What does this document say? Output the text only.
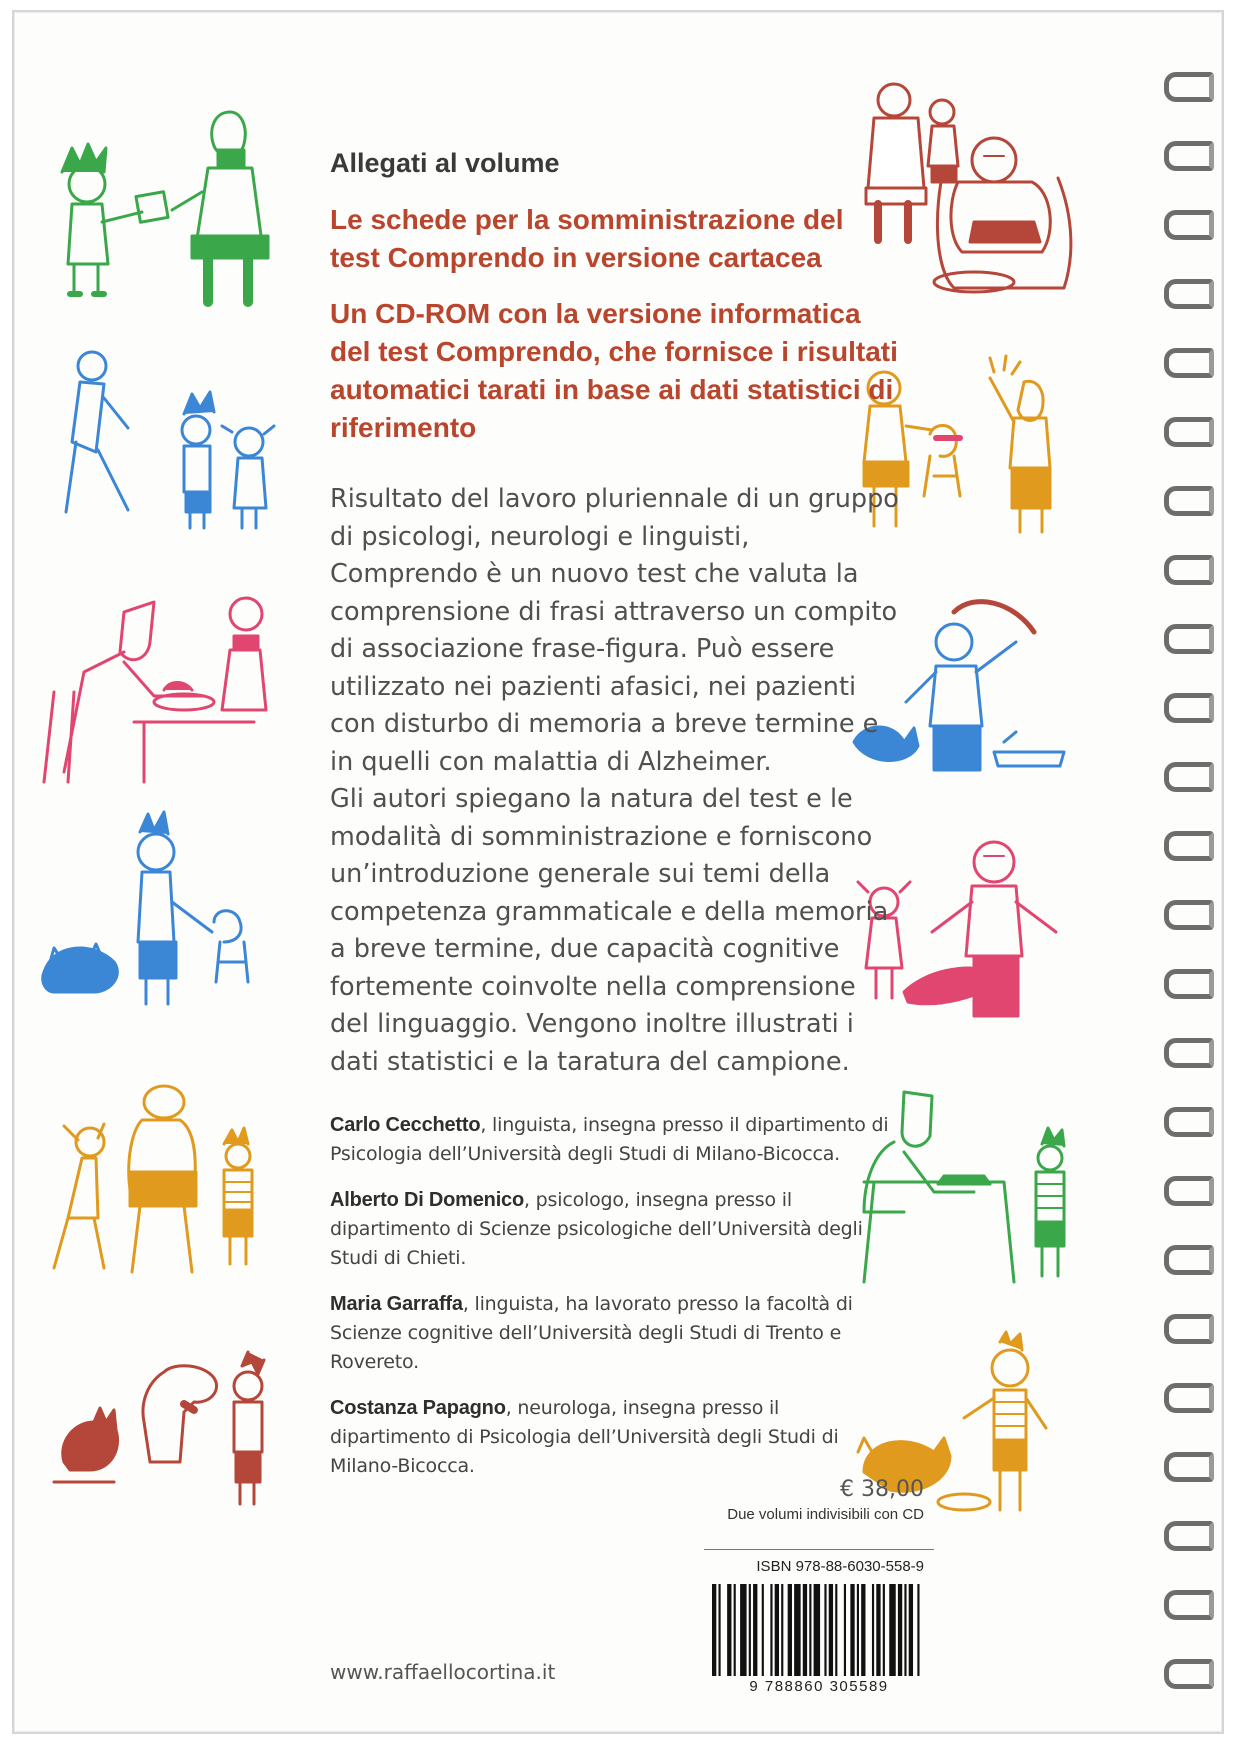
Allegati al volume
Le schede per la somministrazione del test Comprendo in versione cartacea
Un CD-ROM con la versione informatica del test Comprendo, che fornisce i risultati automatici tarati in base ai dati statistici di riferimento

Risultato del lavoro pluriennale di un gruppo di psicologi, neurologi e linguisti, Comprendo è un nuovo test che valuta la comprensione di frasi attraverso un compito di associazione frase-figura. Può essere utilizzato nei pazienti afasici, nei pazienti con disturbo di memoria a breve termine e in quelli con malattia di Alzheimer.

Gli autori spiegano la natura del test e le modalità di somministrazione e forniscono un’introduzione generale sui temi della competenza grammaticale e della memoria a breve termine, due capacità cognitive fortemente coinvolte nella comprensione del linguaggio. Vengono inoltre illustrati i dati statistici e la taratura del campione.

Carlo Cecchetto, linguista, insegna presso il dipartimento di Psicologia dell’Università degli Studi di Milano-Bicocca.
Alberto Di Domenico, psicologo, insegna presso il dipartimento di Scienze psicologiche dell’Università degli Studi di Chieti.
Maria Garraffa, linguista, ha lavorato presso la facoltà di Scienze cognitive dell’Università degli Studi di Trento e Rovereto.
Costanza Papagno, neurologa, insegna presso il dipartimento di Psicologia dell’Università degli Studi di Milano-Bicocca.
€ 38,00
Due volumi indivisibili con CD
ISBN 978-88-6030-558-9
9 788860 305589
www.raffaellocortina.it
